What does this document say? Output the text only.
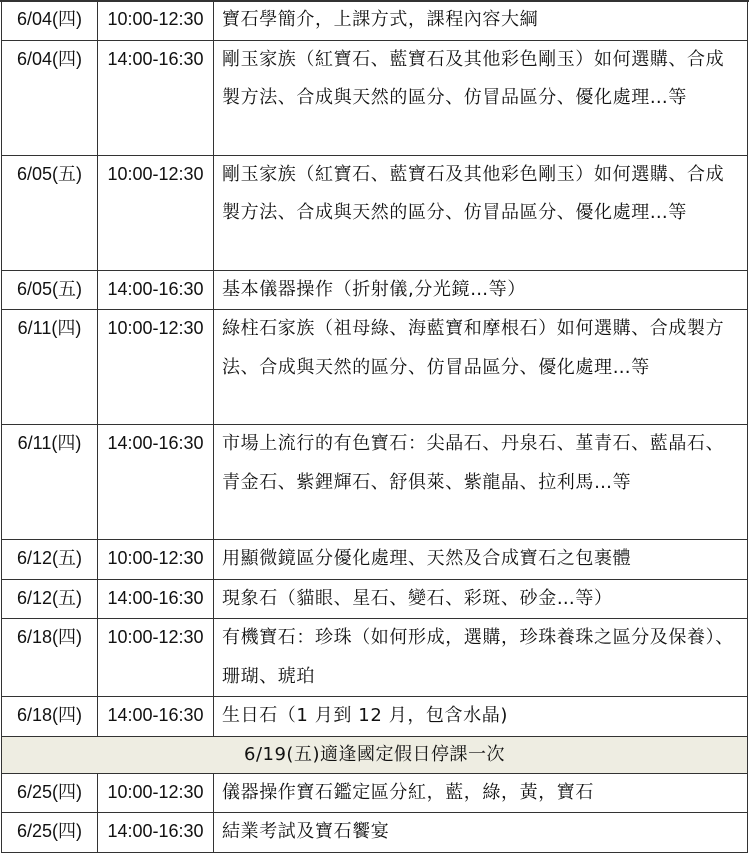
6/04(四)	10:00-12:30	寶石學簡介，上課方式，課程內容大綱
6/04(四)	14:00-16:30	剛玉家族（紅寶石、藍寶石及其他彩色剛玉）如何選購、合成製方法、合成與天然的區分、仿冒品區分、優化處理…等
6/05(五)	10:00-12:30	剛玉家族（紅寶石、藍寶石及其他彩色剛玉）如何選購、合成製方法、合成與天然的區分、仿冒品區分、優化處理…等
6/05(五)	14:00-16:30	基本儀器操作（折射儀,分光鏡…等）
6/11(四)	10:00-12:30	綠柱石家族（祖母綠、海藍寶和摩根石）如何選購、合成製方法、合成與天然的區分、仿冒品區分、優化處理…等
6/11(四)	14:00-16:30	市場上流行的有色寶石：尖晶石、丹泉石、堇青石、藍晶石、青金石、紫鋰輝石、舒俱萊、紫龍晶、拉利馬…等
6/12(五)	10:00-12:30	用顯微鏡區分優化處理、天然及合成寶石之包裹體
6/12(五)	14:00-16:30	現象石（貓眼、星石、變石、彩斑、砂金…等）
6/18(四)	10:00-12:30	有機寶石：珍珠（如何形成，選購，珍珠養珠之區分及保養）、珊瑚、琥珀
6/18(四)	14:00-16:30	生日石（1 月到 12 月，包含水晶)
6/19(五)適逢國定假日停課一次		
6/25(四)	10:00-12:30	儀器操作寶石鑑定區分紅，藍，綠，黃，寶石
6/25(四)	14:00-16:30	結業考試及寶石饗宴
